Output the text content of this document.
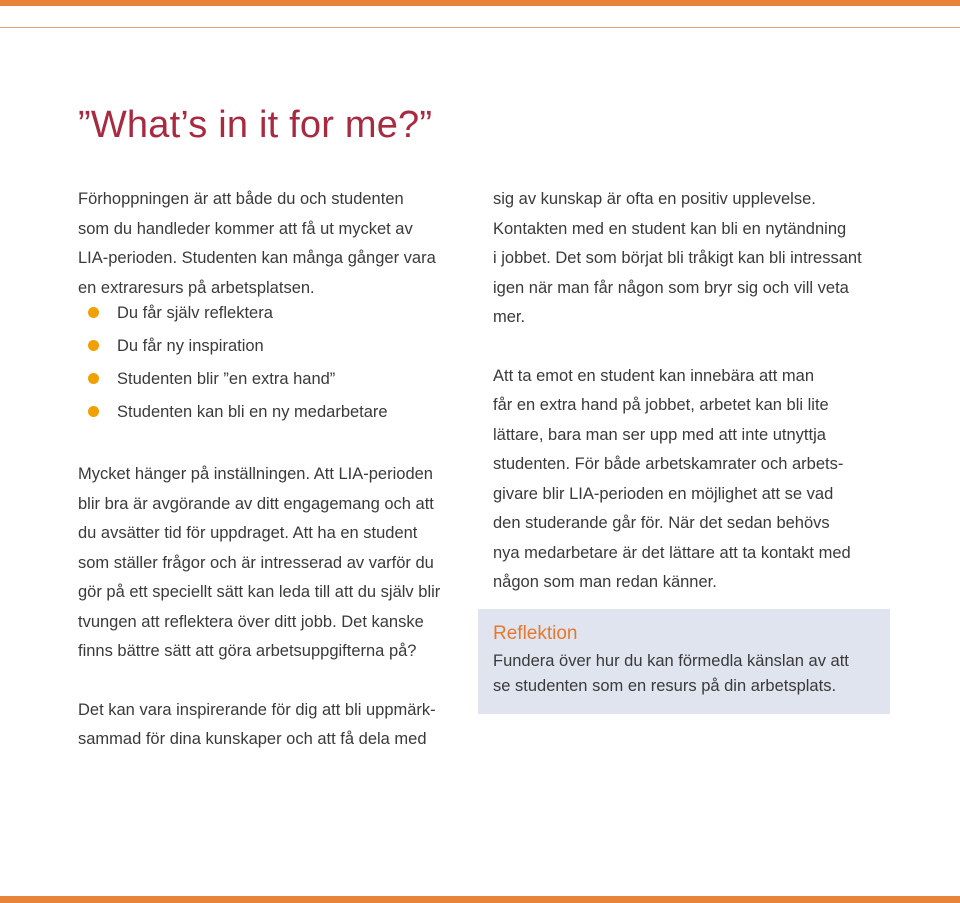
”What’s in it for me?”

Förhoppningen är att både du och studenten
som du handleder kommer att få ut mycket av
LIA-perioden. Studenten kan många gånger vara
en extraresurs på arbetsplatsen.

Du får själv reflektera
Du får ny inspiration
Studenten blir ”en extra hand”
Studenten kan bli en ny medarbetare

Mycket hänger på inställningen. Att LIA-perioden
blir bra är avgörande av ditt engagemang och att
du avsätter tid för uppdraget. Att ha en student
som ställer frågor och är intresserad av varför du
gör på ett speciellt sätt kan leda till att du själv blir
tvungen att reflektera över ditt jobb. Det kanske
finns bättre sätt att göra arbetsuppgifterna på?

Det kan vara inspirerande för dig att bli uppmärk-
sammad för dina kunskaper och att få dela med

sig av kunskap är ofta en positiv upplevelse.
Kontakten med en student kan bli en nytändning
i jobbet. Det som börjat bli tråkigt kan bli intressant
igen när man får någon som bryr sig och vill veta
mer.

Att ta emot en student kan innebära att man
får en extra hand på jobbet, arbetet kan bli lite
lättare, bara man ser upp med att inte utnyttja
studenten. För både arbetskamrater och arbets-
givare blir LIA-perioden en möjlighet att se vad
den studerande går för. När det sedan behövs
nya medarbetare är det lättare att ta kontakt med
någon som man redan känner.

Reflektion
Fundera över hur du kan förmedla känslan av att
se studenten som en resurs på din arbetsplats.
